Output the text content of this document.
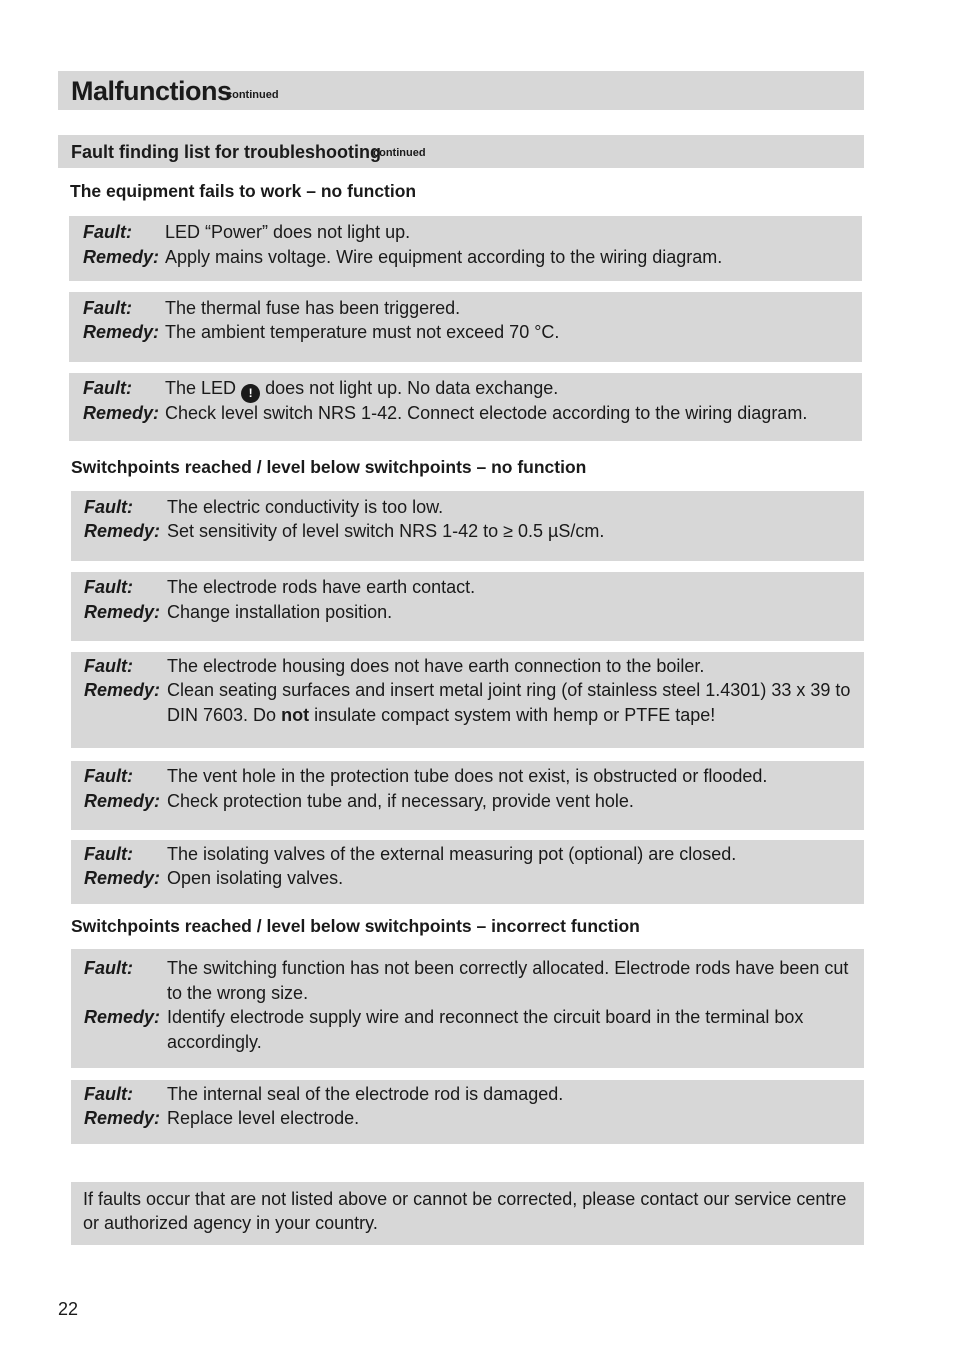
Malfunctions
continued
Fault finding list for troubleshooting
continued
The equipment fails to work – no function
Fault: LED “Power” does not light up.
Remedy: Apply mains voltage. Wire equipment according to the wiring diagram.
Fault: The thermal fuse has been triggered.
Remedy: The ambient temperature must not exceed 70 °C.
Fault: The LED ! does not light up. No data exchange.
Remedy: Check level switch NRS 1-42. Connect electode according to the wiring diagram.
Switchpoints reached / level below switchpoints – no function
Fault: The electric conductivity is too low.
Remedy: Set sensitivity of level switch NRS 1-42 to ≥ 0.5 µS/cm.
Fault: The electrode rods have earth contact.
Remedy: Change installation position.
Fault: The electrode housing does not have earth connection to the boiler.
Remedy: Clean seating surfaces and insert metal joint ring (of stainless steel 1.4301) 33 x 39 to
DIN 7603. Do not insulate compact system with hemp or PTFE tape!
Fault: The vent hole in the protection tube does not exist, is obstructed or flooded.
Remedy: Check protection tube and, if necessary, provide vent hole.
Fault: The isolating valves of the external measuring pot (optional) are closed.
Remedy: Open isolating valves.
Switchpoints reached / level below switchpoints – incorrect function
Fault: The switching function has not been correctly allocated. Electrode rods have been cut
to the wrong size.
Remedy: Identify electrode supply wire and reconnect the circuit board in the terminal box
accordingly.
Fault: The internal seal of the electrode rod is damaged.
Remedy: Replace level electrode.
If faults occur that are not listed above or cannot be corrected, please contact our service centre or authorized agency in your country.
22
